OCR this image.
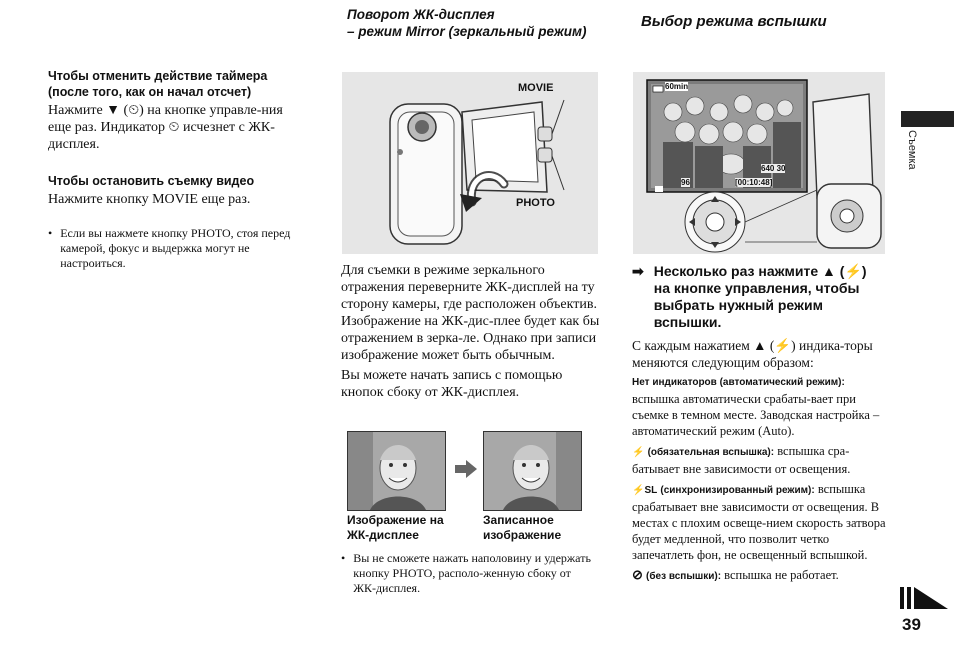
Чтобы отменить действие таймера (после того, как он начал отсчет)

Нажмите ▼ (⏲) на кнопке управле-ния еще раз. Индикатор ⏲ исчезнет с ЖК-дисплея.

Чтобы остановить съемку видео

Нажмите кнопку MOVIE еще раз.

• Если вы нажмете кнопку PHOTO, стоя перед камерой, фокус и выдержка могут не настроиться.
Поворот ЖК-дисплея
– режим Mirror (зеркальный режим)
MOVIE
PHOTO

Для съемки в режиме зеркального отражения переверните ЖК-дисплей на ту сторону камеры, где расположен объектив. Изображение на ЖК-дис-плее будет как бы отражением в зерка-ле. Однако при записи изображение может быть обычным.

Вы можете начать запись с помощью кнопок сбоку от ЖК-дисплея.

Изображение на ЖК-дисплее
Записанное изображение
• Вы не сможете нажать наполовину и удержать кнопку PHOTO, располо-женную сбоку от ЖК-дисплея.
Выбор режима вспышки
60min
640 30
[00:10:48]
96
➡ Несколько раз нажмите ▲ (⚡) на кнопке управления, чтобы выбрать нужный режим вспышки.

С каждым нажатием ▲ (⚡) индика-торы меняются следующим образом:

Нет индикаторов (автоматический режим): вспышка автоматически срабаты-вает при съемке в темном месте. Заводская настройка – автоматический режим (Auto).

⚡ (обязательная вспышка): вспышка сра-батывает вне зависимости от освещения.

⚡SL (синхронизированный режим): вспышка срабатывает вне зависимости от освещения. В местах с плохим освеще-нием скорость затвора будет медленной, что позволит четко запечатлеть фон, не освещенный вспышкой.

⊘ (без вспышки): вспышка не работает.

Съемка
39
